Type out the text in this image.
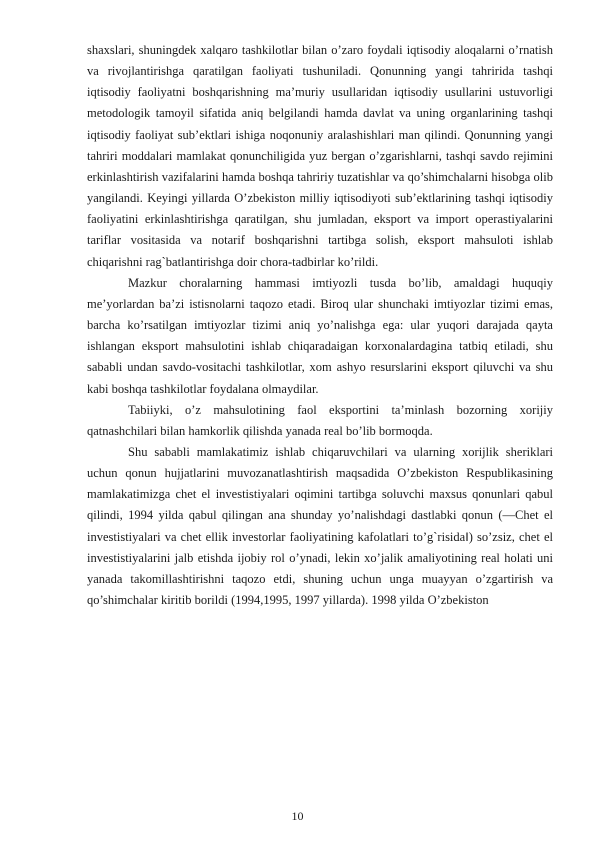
shaxslari, shuningdek xalqaro tashkilotlar bilan o’zaro foydali iqtisodiy aloqalarni o’rnatish va rivojlantirishga qaratilgan faoliyati tushuniladi. Qonunning yangi tahririda tashqi iqtisodiy faoliyatni boshqarishning ma’muriy usullaridan iqtisodiy usullarini ustuvorligi metodologik tamoyil sifatida aniq belgilandi hamda davlat va uning organlarining tashqi iqtisodiy faoliyat sub’ektlari ishiga noqonuniy aralashishlari man qilindi. Qonunning yangi tahriri moddalari mamlakat qonunchiligida yuz bergan o’zgarishlarni, tashqi savdo rejimini erkinlashtirish vazifalarini hamda boshqa tahririy tuzatishlar va qo’shimchalarni hisobga olib yangilandi. Keyingi yillarda O’zbekiston milliy iqtisodiyoti sub’ektlarining tashqi iqtisodiy faoliyatini erkinlashtirishga qaratilgan, shu jumladan, eksport va import operastiyalarini tariflar vositasida va notarif boshqarishni tartibga solish, eksport mahsuloti ishlab chiqarishni rag`batlantirishga doir chora-tadbirlar ko’rildi.

Mazkur choralarning hammasi imtiyozli tusda bo’lib, amaldagi huquqiy me’yorlardan ba’zi istisnolarni taqozo etadi. Biroq ular shunchaki imtiyozlar tizimi emas, barcha ko’rsatilgan imtiyozlar tizimi aniq yo’nalishga ega: ular yuqori darajada qayta ishlangan eksport mahsulotini ishlab chiqaradaigan korxonalardagina tatbiq etiladi, shu sababli undan savdo-vositachi tashkilotlar, xom ashyo resurslarini eksport qiluvchi va shu kabi boshqa tashkilotlar foydalana olmaydilar.

Tabiiyki, o’z mahsulotining faol eksportini ta’minlash bozorning xorijiy qatnashchilari bilan hamkorlik qilishda yanada real bo’lib bormoqda.

Shu sababli mamlakatimiz ishlab chiqaruvchilari va ularning xorijlik sheriklari uchun qonun hujjatlarini muvozanatlashtirish maqsadida O’zbekiston Respublikasining mamlakatimizga chet el investistiyalari oqimini tartibga soluvchi maxsus qonunlari qabul qilindi, 1994 yilda qabul qilingan ana shunday yo’nalishdagi dastlabki qonun (―Chet el investistiyalari va chet ellik investorlar faoliyatining kafolatlari to’g`risida‖) so’zsiz, chet el investistiyalarini jalb etishda ijobiy rol o’ynadi, lekin xo’jalik amaliyotining real holati uni yanada takomillashtirishni taqozo etdi, shuning uchun unga muayyan o’zgartirish va qo’shimchalar kiritib borildi (1994,1995, 1997 yillarda). 1998 yilda O’zbekiston

10
